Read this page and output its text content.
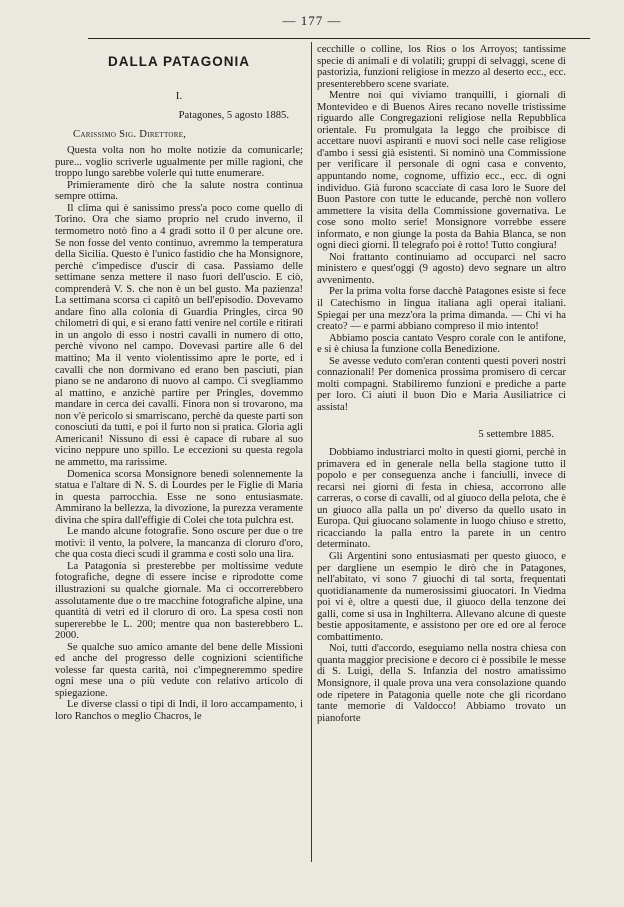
— 177 —
DALLA PATAGONIA
I.
Patagones, 5 agosto 1885.

Carissimo Sig. Direttore,

Questa volta non ho molte notizie da comunicarle; pure... voglio scriverle ugualmente per mille ragioni, che troppo lungo sarebbe volerle qui tutte enumerare.

Primieramente dirò che la salute nostra continua sempre ottima.

Il clima qui è sanissimo press'a poco come quello di Torino. Ora che siamo proprio nel crudo inverno, il termometro notò fino a 4 gradi sotto il 0 per alcune ore. Se non fosse del vento continuo, avremmo la temperatura della Sicilia. Questo è l'unico fastidio che ha Monsignore, perchè c'impedisce d'uscir di casa. Passiamo delle settimane senza mettere il naso fuori dell'uscio. E ciò, comprenderà V. S. che non è un bel gusto. Ma pazienza! La settimana scorsa ci capitò un bell'episodio. Dovevamo andare fino alla colonia di Guardia Pringles, circa 90 chilometri di qui, e si erano fatti venire nel cortile e ritirati in un angolo di esso i nostri cavalli in numero di otto, perchè vivono nel campo. Dovevasi partire alle 6 del mattino; Ma il vento violentissimo apre le porte, ed i cavalli che non dormivano ed erano ben pasciuti, pian piano se ne andarono di nuovo al campo. Ci svegliammo al mattino, e anzichè partire per Pringles, dovemmo mandare in cerca dei cavalli. Finora non si trovarono, ma non v'è pericolo si smarriscano, perchè da queste parti son conosciuti da tutti, e poi il furto non si pratica. Gloria agli Americani! Nissuno di essi è capace di rubare al suo vicino neppure uno spillo. Le eccezioni su questa regola ne ammetto, ma rarissime.

Domenica scorsa Monsignore benedì solennemente la statua e l'altare di N. S. di Lourdes per le Figlie di Maria in questa parrocchia. Esse ne sono entusiasmate. Ammirano la bellezza, la divozione, la purezza veramente divina che spira dall'effigie di Colei che tota pulchra est.

Le mando alcune fotografie. Sono oscure per due o tre motivi: il vento, la polvere, la mancanza di cloruro d'oro, che qua costa dieci scudi il gramma e costì solo una lira.

La Patagonia si presterebbe per moltissime vedute fotografiche, degne di essere incise e riprodotte come illustrazioni su qualche giornale. Ma ci occorrerebbero assolutamente due o tre macchine fotografiche alpine, una quantità di vetri ed il cloruro di oro. La spesa costì non supererebbe le L. 200; mentre qua non basterebbero L. 2000.

Se qualche suo amico amante del bene delle Missioni ed anche del progresso delle cognizioni scientifiche volesse far questa carità, noi c'impegneremmo spedire ogni mese una o più vedute con relativo articolo di spiegazione.

Le diverse classi o tipi di Indi, il loro accampamento, i loro Ranchos o meglio Chacros, le

cecchille o colline, los Rios o los Arroyos; tantissime specie di animali e di volatili; gruppi di selvaggi, scene di pastorizia, funzioni religiose in mezzo al deserto ecc., ecc. presenterebbero scene svariate.

Mentre noi qui viviamo tranquilli, i giornali di Montevideo e di Buenos Aires recano novelle tristissime riguardo alle Congregazioni religiose nella Repubblica orientale. Fu promulgata la leggo che proibisce di accettare nuovi aspiranti e nuovi soci nelle case religiose d'ambo i sessi già esistenti. Si nominò una Commissione per verificare il personale di ogni casa e convento, appuntando nome, cognome, uffizio ecc., ecc. di ogni individuo. Già furono scacciate di casa loro le Suore del Buon Pastore con tutte le educande, perchè non vollero ammettere la visita della Commissione governativa. Le cose sono molto serie! Monsignore vorrebbe essere informato, e non giunge la posta da Bahia Blanca, se non ogni dieci giorni. Il telegrafo poi è rotto! Tutto congiura!

Noi frattanto continuiamo ad occuparci nel sacro ministero e quest'oggi (9 agosto) devo segnare un altro avvenimento.

Per la prima volta forse dacchè Patagones esiste si fece il Catechismo in lingua italiana agli operai italiani. Spiegai per una mezz'ora la prima dimanda. — Chi vi ha creato? — e parmi abbiano compreso il mio intento!

Abbiamo poscia cantato Vespro corale con le antifone, e si è chiusa la funzione colla Benedizione.

Se avesse veduto com'eran contenti questi poveri nostri connazionali! Per domenica prossima promisero di cercar molti compagni. Stabiliremo funzioni e prediche a parte per loro. Ci aiuti il buon Dio e Maria Ausiliatrice ci assista!

5 settembre 1885.

Dobbiamo industriarci molto in questi giorni, perchè in primavera ed in generale nella bella stagione tutto il popolo e per conseguenza anche i fanciulli, invece di recarsi nei giorni di festa in chiesa, accorrono alle carreras, o corse di cavalli, od al giuoco della pelota, che è un giuoco alla palla un po' diverso da quello usato in Europa. Qui giuocano solamente in luogo chiuso e stretto, ricacciando la palla entro la parete in un centro determinato.

Gli Argentini sono entusiasmati per questo giuoco, e per dargliene un esempio le dirò che in Patagones, nell'abitato, vi sono 7 giuochi di tal sorta, frequentati quotidianamente da numerosissimi giuocatori. In Viedma poi vi è, oltre a questi due, il giuoco della tenzone dei galli, come si usa in Inghilterra. Allevano alcune di queste bestie appositamente, e assistono per ore ed ore al feroce combattimento.

Noi, tutti d'accordo, eseguiamo nella nostra chiesa con quanta maggior precisione e decoro ci è possibile le messe di S. Luigi, della S. Infanzia del nostro amatissimo Monsignore, il quale prova una vera consolazione quando ode ripetere in Patagonia quelle note che gli ricordano tante memorie di Valdocco! Abbiamo trovato un pianoforte
